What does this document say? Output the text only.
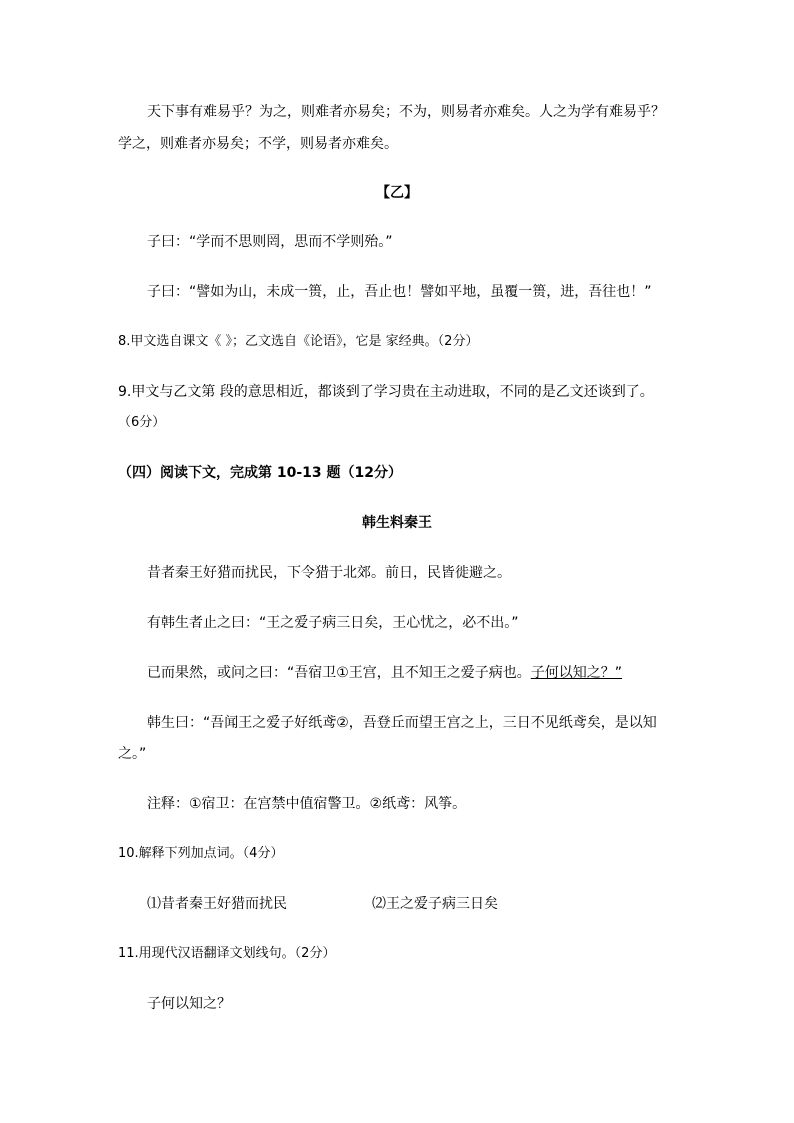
天下事有难易乎？为之，则难者亦易矣；不为，则易者亦难矣。人之为学有难易乎？
学之，则难者亦易矣；不学，则易者亦难矣。
【乙】
子曰：“学而不思则罔，思而不学则殆。”
子曰：“譬如为山，未成一篑，止，吾止也！譬如平地，虽覆一篑，进，吾往也！”
8.甲文选自课文《 》；乙文选自《论语》，它是 家经典。（2分）
9.甲文与乙文第 段的意思相近，都谈到了学习贵在主动进取，不同的是乙文还谈到了。
（6分）
（四）阅读下文，完成第 10-13 题（12分）
韩生料秦王
昔者秦王好猎而扰民，下令猎于北郊。前日，民皆徙避之。
有韩生者止之曰：“王之爱子病三日矣，王心忧之，必不出。”
已而果然，或问之曰：“吾宿卫①王宫，且不知王之爱子病也。子何以知之？”
韩生曰：“吾闻王之爱子好纸鸢②，吾登丘而望王宫之上，三日不见纸鸢矣，是以知
之。”
注释：①宿卫：在宫禁中值宿警卫。②纸鸢：风筝。
10.解释下列加点词。（4分）
⑴昔者秦王好猎而扰民	⑵王之爱子病三日矣
11.用现代汉语翻译文划线句。（2分）
子何以知之？
